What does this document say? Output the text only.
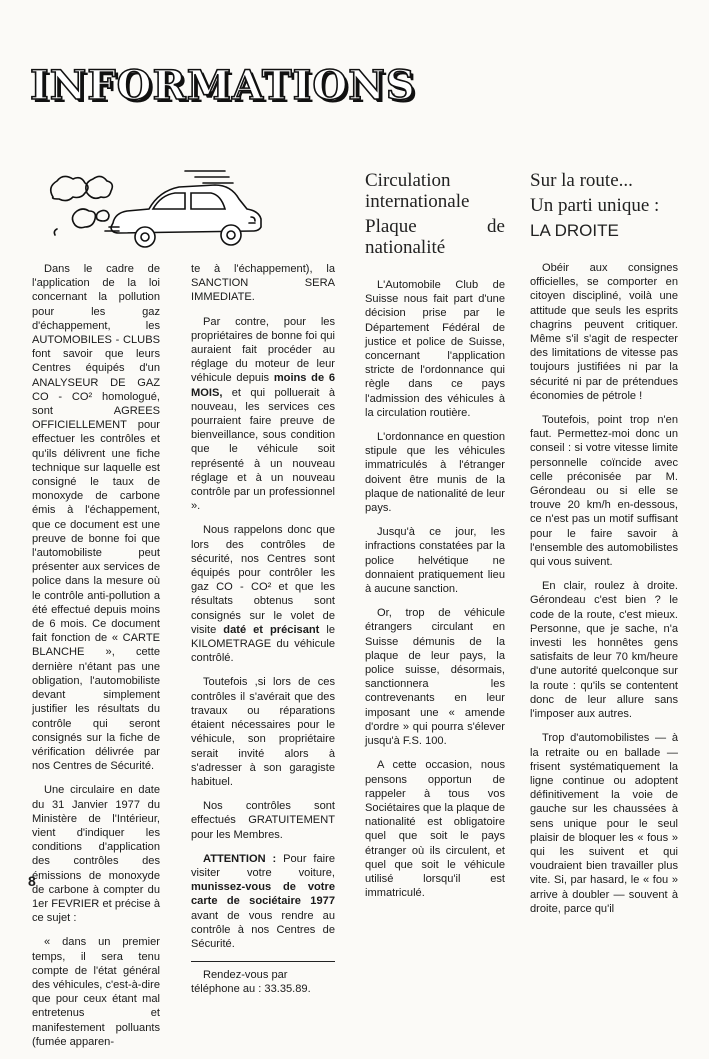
INFORMATIONS

Dans le cadre de l'application de la loi concernant la pollution pour les gaz d'échappement, les AUTOMOBILES - CLUBS font savoir que leurs Centres équipés d'un ANALYSEUR DE GAZ CO - CO² homologué, sont AGREES OFFICIELLEMENT pour effectuer les contrôles et qu'ils délivrent une fiche technique sur laquelle est consigné le taux de monoxyde de carbone émis à l'échappement, que ce document est une preuve de bonne foi que l'automobiliste peut présenter aux services de police dans la mesure où le contrôle anti-pollution a été effectué depuis moins de 6 mois. Ce document fait fonction de « CARTE BLANCHE », cette dernière n'étant pas une obligation, l'automobiliste devant simplement justifier les résultats du contrôle qui seront consignés sur la fiche de vérification délivrée par nos Centres de Sécurité.

Une circulaire en date du 31 Janvier 1977 du Ministère de l'Intérieur, vient d'indiquer les conditions d'application des contrôles des émissions de monoxyde de carbone à compter du 1er FEVRIER et précise à ce sujet :

« dans un premier temps, il sera tenu compte de l'état général des véhicules, c'est-à-dire que pour ceux étant mal entretenus et manifestement polluants (fumée apparen-

te à l'échappement), la SANCTION SERA IMMEDIATE.

Par contre, pour les propriétaires de bonne foi qui auraient fait procéder au réglage du moteur de leur véhicule depuis moins de 6 MOIS, et qui polluerait à nouveau, les services ces pourraient faire preuve de bienveillance, sous condition que le véhicule soit représenté à un nouveau réglage et à un nouveau contrôle par un professionnel ».

Nous rappelons donc que lors des contrôles de sécurité, nos Centres sont équipés pour contrôler les gaz CO - CO² et que les résultats obtenus sont consignés sur le volet de visite daté et précisant le KILOMETRAGE du véhicule contrôlé.

Toutefois ,si lors de ces contrôles il s'avérait que des travaux ou réparations étaient nécessaires pour le véhicule, son propriétaire serait invité alors à s'adresser à son garagiste habituel.

Nos contrôles sont effectués GRATUITEMENT pour les Membres.

ATTENTION : Pour faire visiter votre voiture, munissez-vous de votre carte de sociétaire 1977 avant de vous rendre au contrôle à nos Centres de Sécurité.

Rendez-vous par téléphone au : 33.35.89.

Circulation internationale
Plaque de nationalité

L'Automobile Club de Suisse nous fait part d'une décision prise par le Département Fédéral de justice et police de Suisse, concernant l'application stricte de l'ordonnance qui règle dans ce pays l'admission des véhicules à la circulation routière.

L'ordonnance en question stipule que les véhicules immatriculés à l'étranger doivent être munis de la plaque de nationalité de leur pays.

Jusqu'à ce jour, les infractions constatées par la police helvétique ne donnaient pratiquement lieu à aucune sanction.

Or, trop de véhicule étrangers circulant en Suisse démunis de la plaque de leur pays, la police suisse, désormais, sanctionnera les contrevenants en leur imposant une « amende d'ordre » qui pourra s'élever jusqu'à F.S. 100.

A cette occasion, nous pensons opportun de rappeler à tous vos Sociétaires que la plaque de nationalité est obligatoire quel que soit le pays étranger où ils circulent, et quel que soit le véhicule utilisé lorsqu'il est immatriculé.

Sur la route...
Un parti unique :
LA DROITE

Obéir aux consignes officielles, se comporter en citoyen discipliné, voilà une attitude que seuls les esprits chagrins peuvent critiquer. Même s'il s'agit de respecter des limitations de vitesse pas toujours justifiées ni par la sécurité ni par de prétendues économies de pétrole !

Toutefois, point trop n'en faut. Permettez-moi donc un conseil : si votre vitesse limite personnelle coïncide avec celle préconisée par M. Gérondeau ou si elle se trouve 20 km/h en-dessous, ce n'est pas un motif suffisant pour le faire savoir à l'ensemble des automobilistes qui vous suivent.

En clair, roulez à droite. Gérondeau c'est bien ? le code de la route, c'est mieux. Personne, que je sache, n'a investi les honnêtes gens satisfaits de leur 70 km/heure d'une autorité quelconque sur la route : qu'ils se contentent donc de leur allure sans l'imposer aux autres.

Trop d'automobilistes — à la retraite ou en ballade — frisent systématiquement la ligne continue ou adoptent définitivement la voie de gauche sur les chaussées à sens unique pour le seul plaisir de bloquer les « fous » qui les suivent et qui voudraient bien travailler plus vite. Si, par hasard, le « fou » arrive à doubler — souvent à droite, parce qu'il

8
